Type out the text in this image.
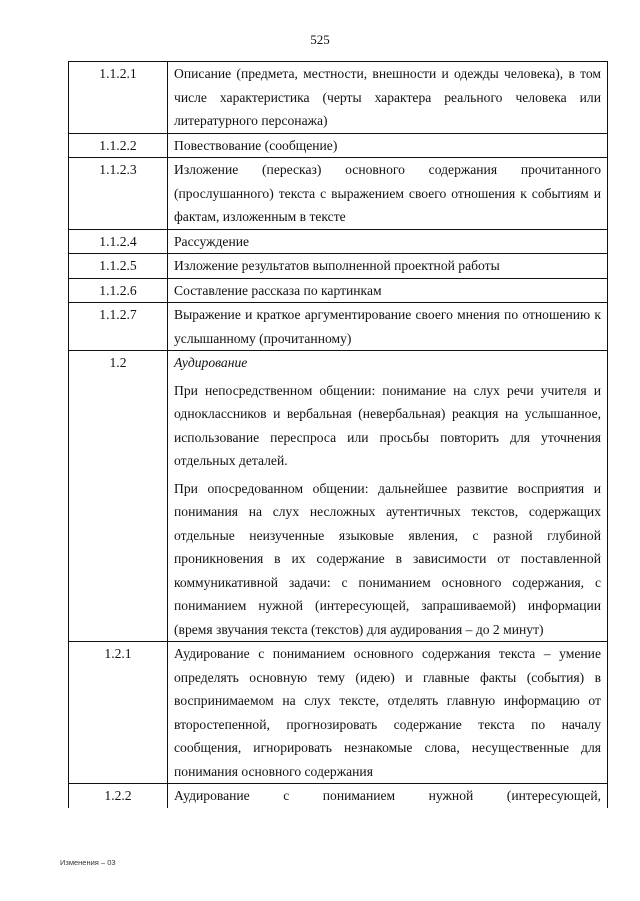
525
1.1.2.1	Описание (предмета, местности, внешности и одежды человека), в том числе характеристика (черты характера реального человека или литературного персонажа)

1.1.2.2	Повествование (сообщение)

1.1.2.3	Изложение (пересказ) основного содержания прочитанного (прослушанного) текста с выражением своего отношения к событиям и фактам, изложенным в тексте

1.1.2.4	Рассуждение

1.1.2.5	Изложение результатов выполненной проектной работы

1.1.2.6	Составление рассказа по картинкам

1.1.2.7	Выражение и краткое аргументирование своего мнения по отношению к услышанному (прочитанному)

1.2	Аудирование

При непосредственном общении: понимание на слух речи учителя и одноклассников и вербальная (невербальная) реакция на услышанное, использование переспроса или просьбы повторить для уточнения отдельных деталей.

При опосредованном общении: дальнейшее развитие восприятия и понимания на слух несложных аутентичных текстов, содержащих отдельные неизученные языковые явления, с разной глубиной проникновения в их содержание в зависимости от поставленной коммуникативной задачи: с пониманием основного содержания, с пониманием нужной (интересующей, запрашиваемой) информации (время звучания текста (текстов) для аудирования – до 2 минут)

1.2.1	Аудирование с пониманием основного содержания текста – умение определять основную тему (идею) и главные факты (события) в воспринимаемом на слух тексте, отделять главную информацию от второстепенной, прогнозировать содержание текста по началу сообщения, игнорировать незнакомые слова, несущественные для понимания основного содержания

1.2.2	Аудирование с пониманием нужной (интересующей,

Изменения – 03
